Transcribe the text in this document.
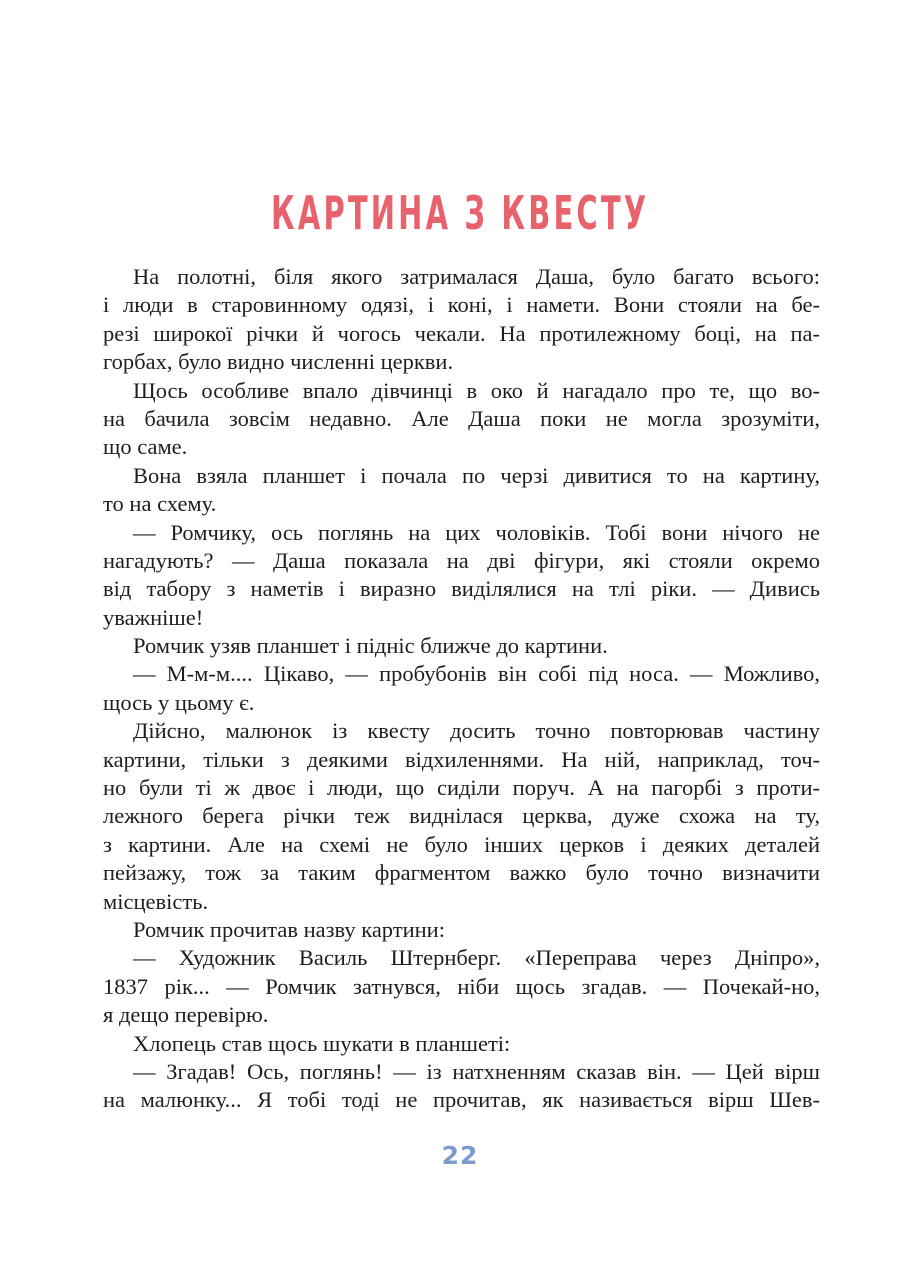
КАРТИНА З КВЕСТУ

На полотні, біля якого затрималася Даша, було багато всього:
і люди в старовинному одязі, і коні, і намети. Вони стояли на бе-
резі широкої річки й чогось чекали. На протилежному боці, на па-
горбах, було видно численні церкви.

Щось особливе впало дівчинці в око й нагадало про те, що во-
на бачила зовсім недавно. Але Даша поки не могла зрозуміти,
що саме.

Вона взяла планшет і почала по черзі дивитися то на картину,
то на схему.

— Ромчику, ось поглянь на цих чоловіків. Тобі вони нічого не
нагадують? — Даша показала на дві фігури, які стояли окремо
від табору з наметів і виразно виділялися на тлі ріки. — Дивись
уважніше!

Ромчик узяв планшет і підніс ближче до картини.

— М-м-м.... Цікаво, — пробубонів він собі під носа. — Можливо,
щось у цьому є.

Дійсно, малюнок із квесту досить точно повторював частину
картини, тільки з деякими відхиленнями. На ній, наприклад, точ-
но були ті ж двоє і люди, що сиділи поруч. А на пагорбі з проти-
лежного берега річки теж виднілася церква, дуже схожа на ту,
з картини. Але на схемі не було інших церков і деяких деталей
пейзажу, тож за таким фрагментом важко було точно визначити
місцевість.

Ромчик прочитав назву картини:

— Художник Василь Штернберг. «Переправа через Дніпро»,
1837 рік... — Ромчик затнувся, ніби щось згадав. — Почекай-но,
я дещо перевірю.

Хлопець став щось шукати в планшеті:

— Згадав! Ось, поглянь! — із натхненням сказав він. — Цей вірш
на малюнку... Я тобі тоді не прочитав, як називається вірш Шев-

22
